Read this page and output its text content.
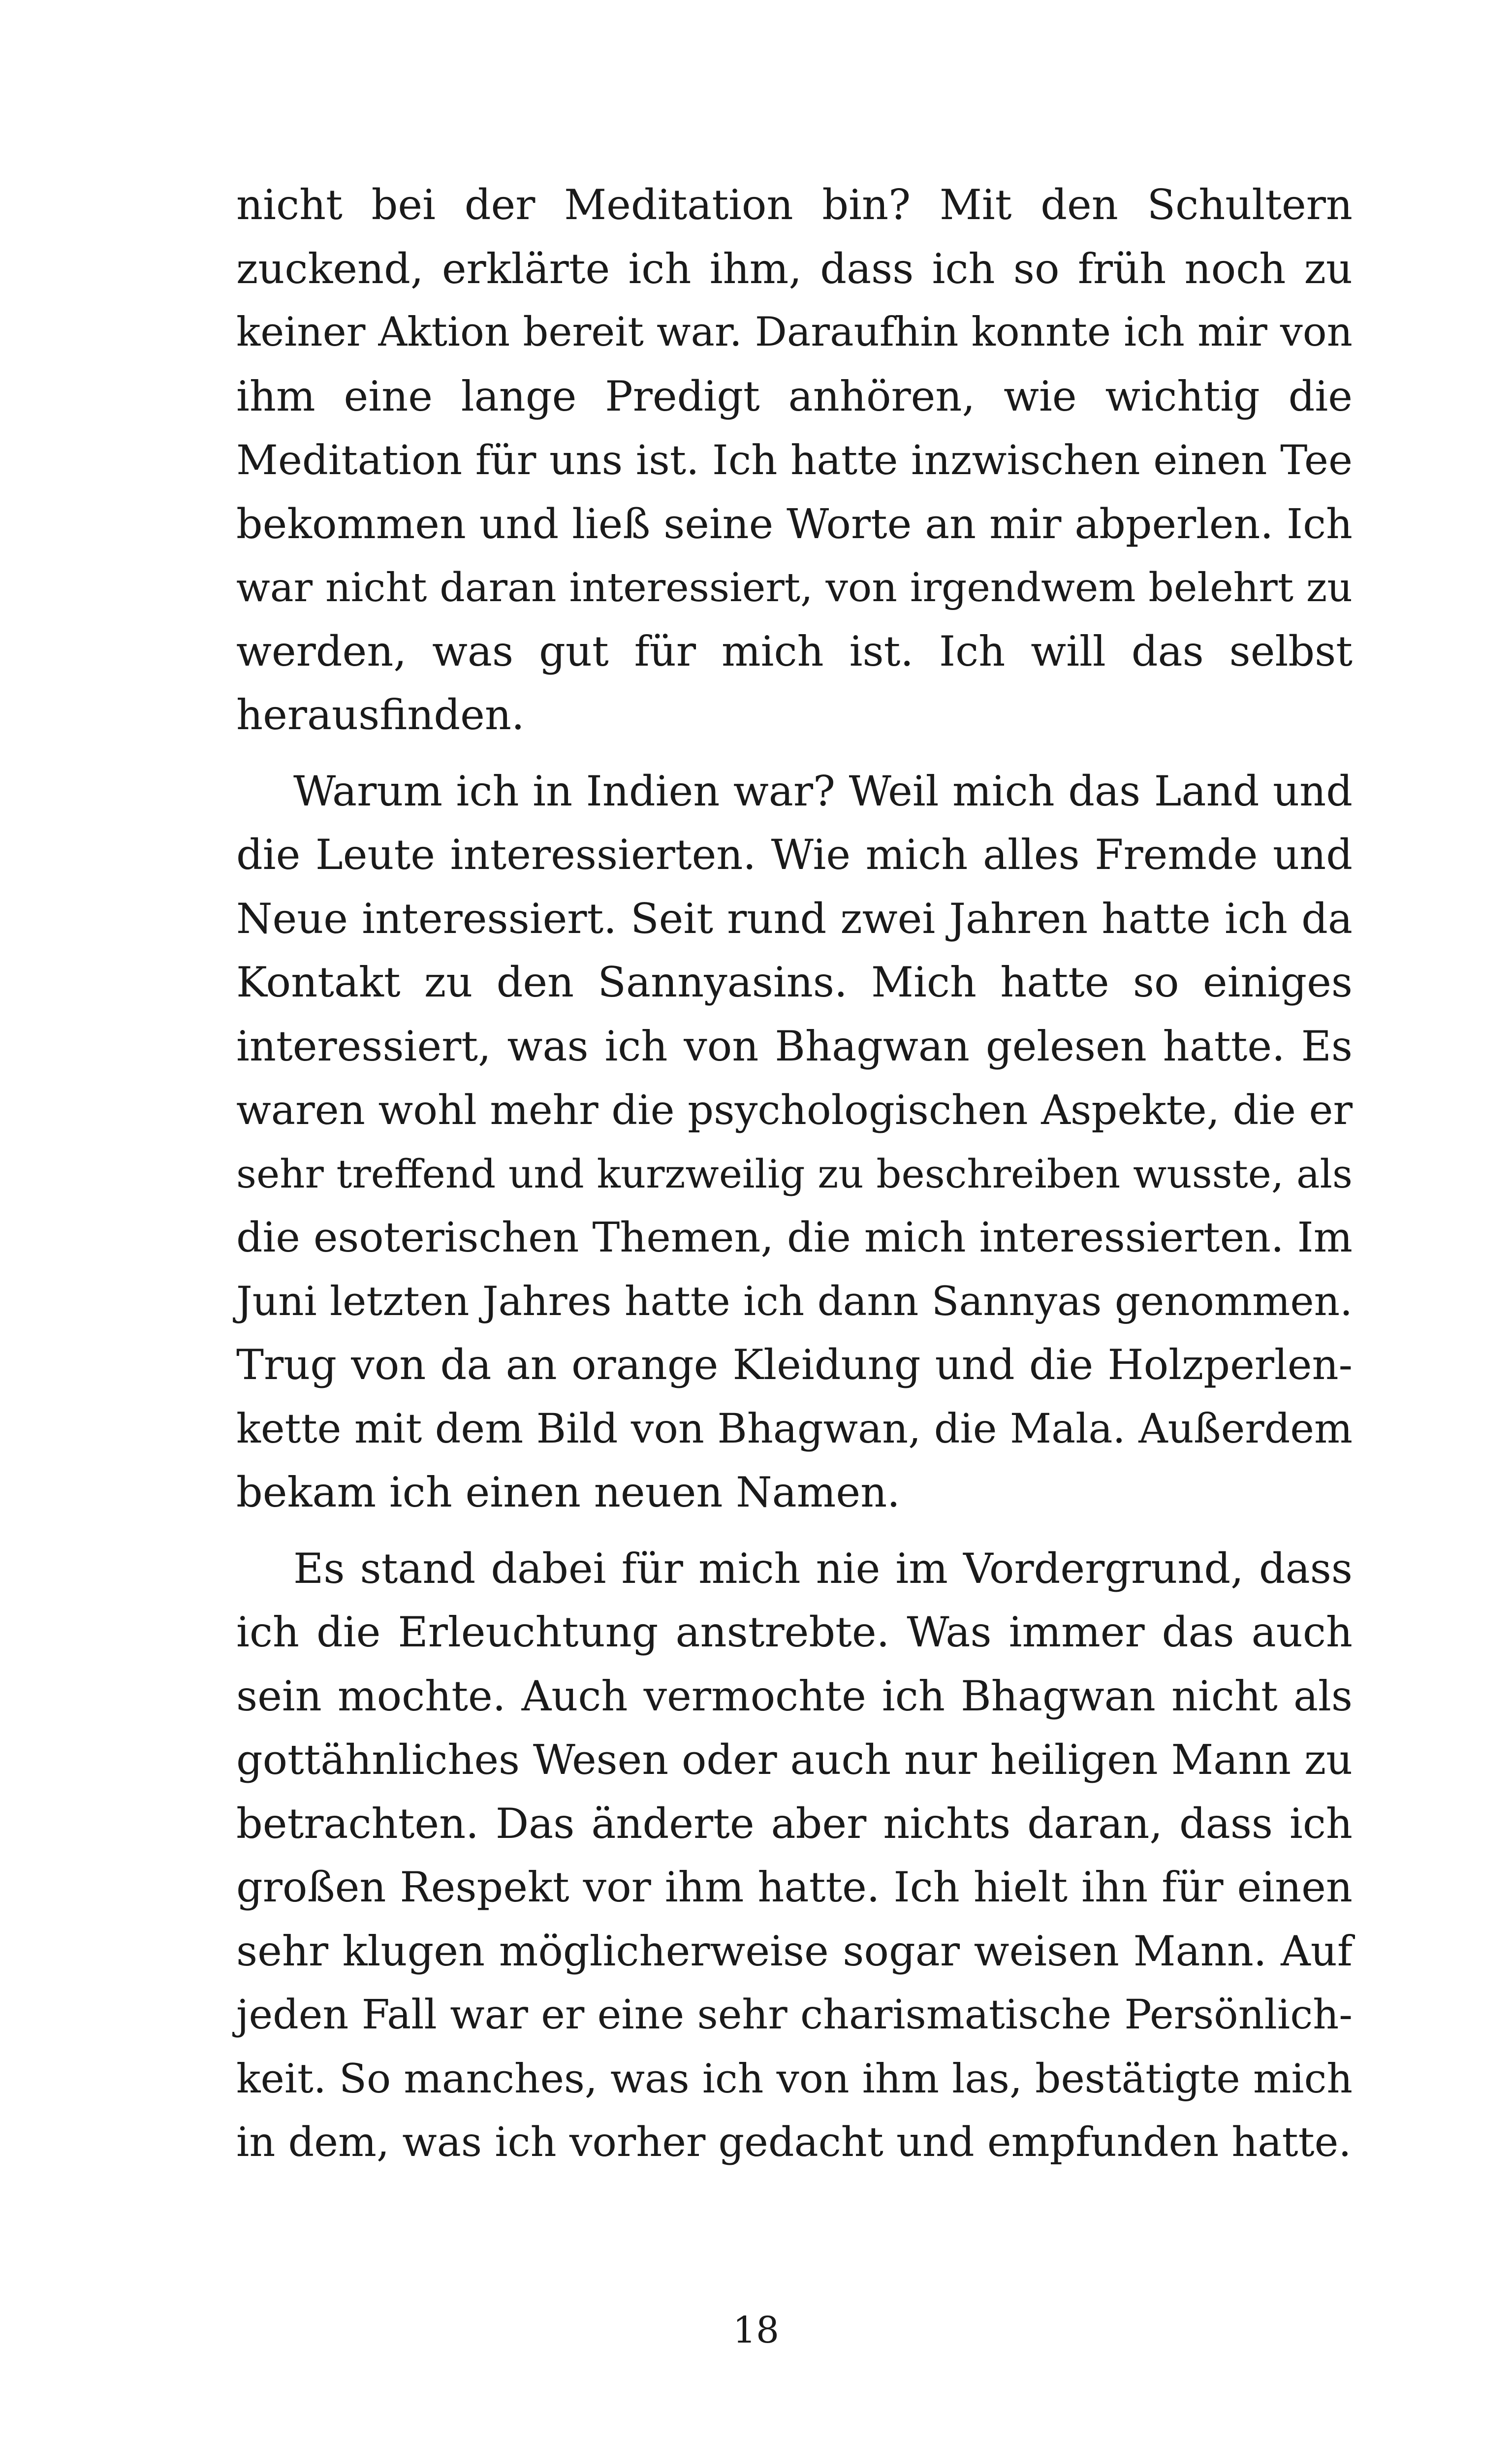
nicht bei der Meditation bin? Mit den Schultern
zuckend, erklärte ich ihm, dass ich so früh noch zu
keiner Aktion bereit war. Daraufhin konnte ich mir von
ihm eine lange Predigt anhören, wie wichtig die
Meditation für uns ist. Ich hatte inzwischen einen Tee
bekommen und ließ seine Worte an mir abperlen. Ich
war nicht daran interessiert, von irgendwem belehrt zu
werden, was gut für mich ist. Ich will das selbst
herausfinden.

Warum ich in Indien war? Weil mich das Land und
die Leute interessierten. Wie mich alles Fremde und
Neue interessiert. Seit rund zwei Jahren hatte ich da
Kontakt zu den Sannyasins. Mich hatte so einiges
interessiert, was ich von Bhagwan gelesen hatte. Es
waren wohl mehr die psychologischen Aspekte, die er
sehr treffend und kurzweilig zu beschreiben wusste, als
die esoterischen Themen, die mich interessierten. Im
Juni letzten Jahres hatte ich dann Sannyas genommen.
Trug von da an orange Kleidung und die Holzperlen-
kette mit dem Bild von Bhagwan, die Mala. Außerdem
bekam ich einen neuen Namen.

Es stand dabei für mich nie im Vordergrund, dass
ich die Erleuchtung anstrebte. Was immer das auch
sein mochte. Auch vermochte ich Bhagwan nicht als
gottähnliches Wesen oder auch nur heiligen Mann zu
betrachten. Das änderte aber nichts daran, dass ich
großen Respekt vor ihm hatte. Ich hielt ihn für einen
sehr klugen möglicherweise sogar weisen Mann. Auf
jeden Fall war er eine sehr charismatische Persönlich-
keit. So manches, was ich von ihm las, bestätigte mich
in dem, was ich vorher gedacht und empfunden hatte.

18
